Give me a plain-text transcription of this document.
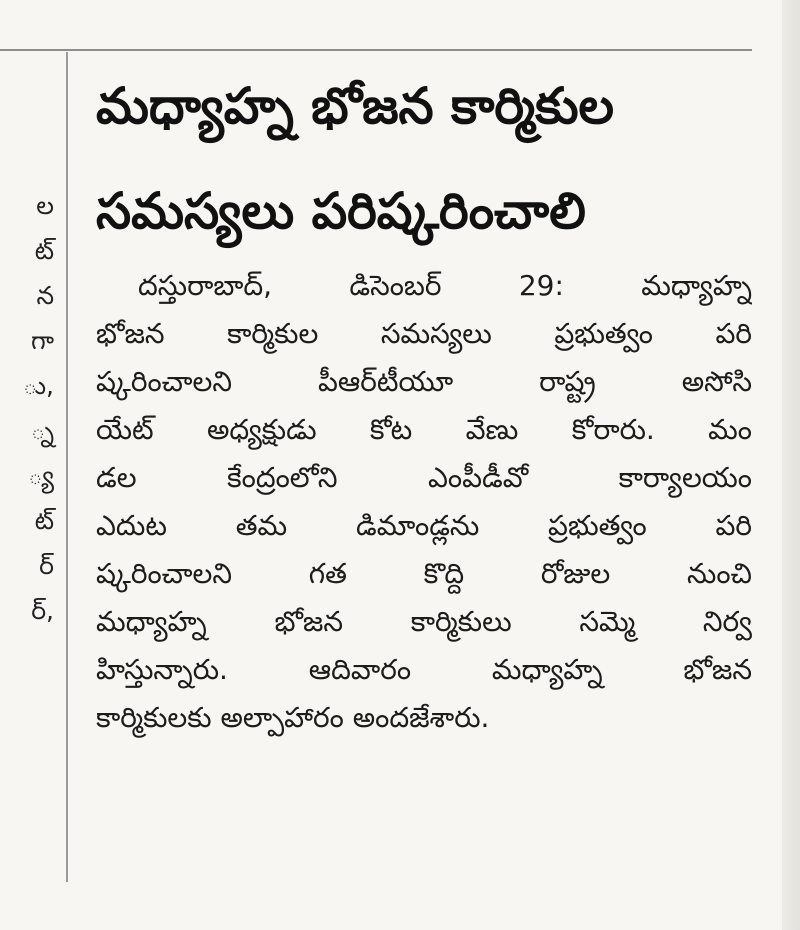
ల
ట్
న
గా
ు,
్న
్య
ట్
ర్
ర్,
మధ్యాహ్న భోజన కార్మికుల
సమస్యలు పరిష్కరించాలి
దస్తురాబాద్, డిసెంబర్ 29: మధ్యాహ్న
భోజన కార్మికుల సమస్యలు ప్రభుత్వం పరి
ష్కరించాలని పీఆర్‌టీయూ రాష్ట్ర అసోసి
యేట్ అధ్యక్షుడు కోట వేణు కోరారు. మం
డల కేంద్రంలోని ఎంపీడీవో కార్యాలయం
ఎదుట తమ డిమాండ్లను ప్రభుత్వం పరి
ష్కరించాలని గత కొద్ది రోజుల నుంచి
మధ్యాహ్న భోజన కార్మికులు సమ్మె నిర్వ
హిస్తున్నారు. ఆదివారం మధ్యాహ్న భోజన
కార్మికులకు అల్పాహారం అందజేశారు.
